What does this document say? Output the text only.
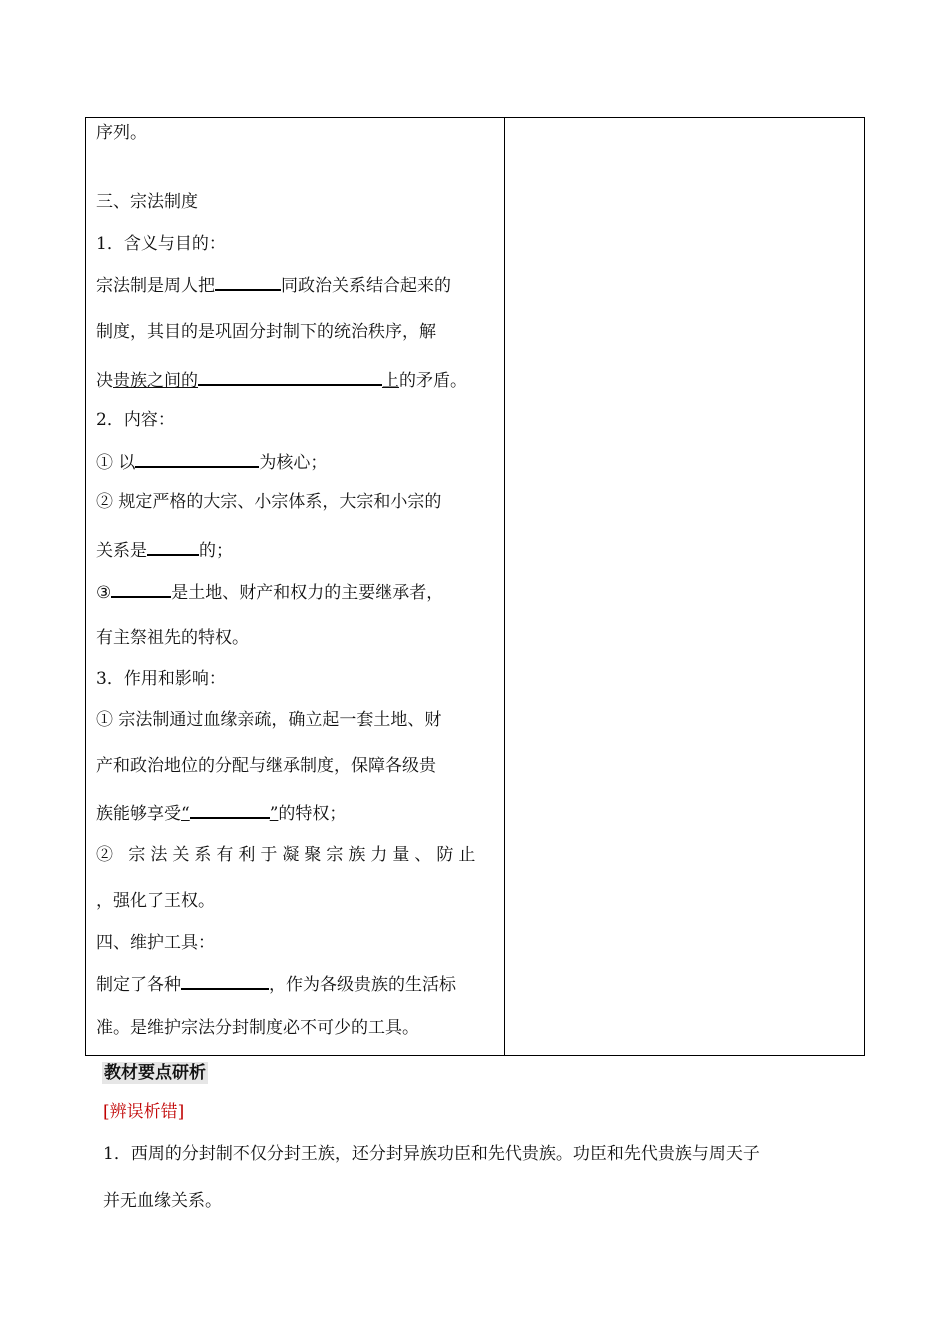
序列。
三、宗法制度
1．含义与目的：
宗法制是周人把	同政治关系结合起来的
制度，其目的是巩固分封制下的统治秩序，解
决贵族之间的	上的矛盾。
2．内容：
① 以	为核心；
② 规定严格的大宗、小宗体系，大宗和小宗的
关系是	的；
③	是土地、财产和权力的主要继承者，
有主祭祖先的特权。
3．作用和影响：
① 宗法制通过血缘亲疏，确立起一套土地、财
产和政治地位的分配与继承制度，保障各级贵
族能够享受“	”的特权；
② 宗法关系有利于凝聚宗族力量、防止
，强化了王权。
四、维护工具：
制定了各种	，作为各级贵族的生活标
准。是维护宗法分封制度必不可少的工具。
教材要点研析
[辨误析错]
1．西周的分封制不仅分封王族，还分封异族功臣和先代贵族。功臣和先代贵族与周天子
并无血缘关系。
